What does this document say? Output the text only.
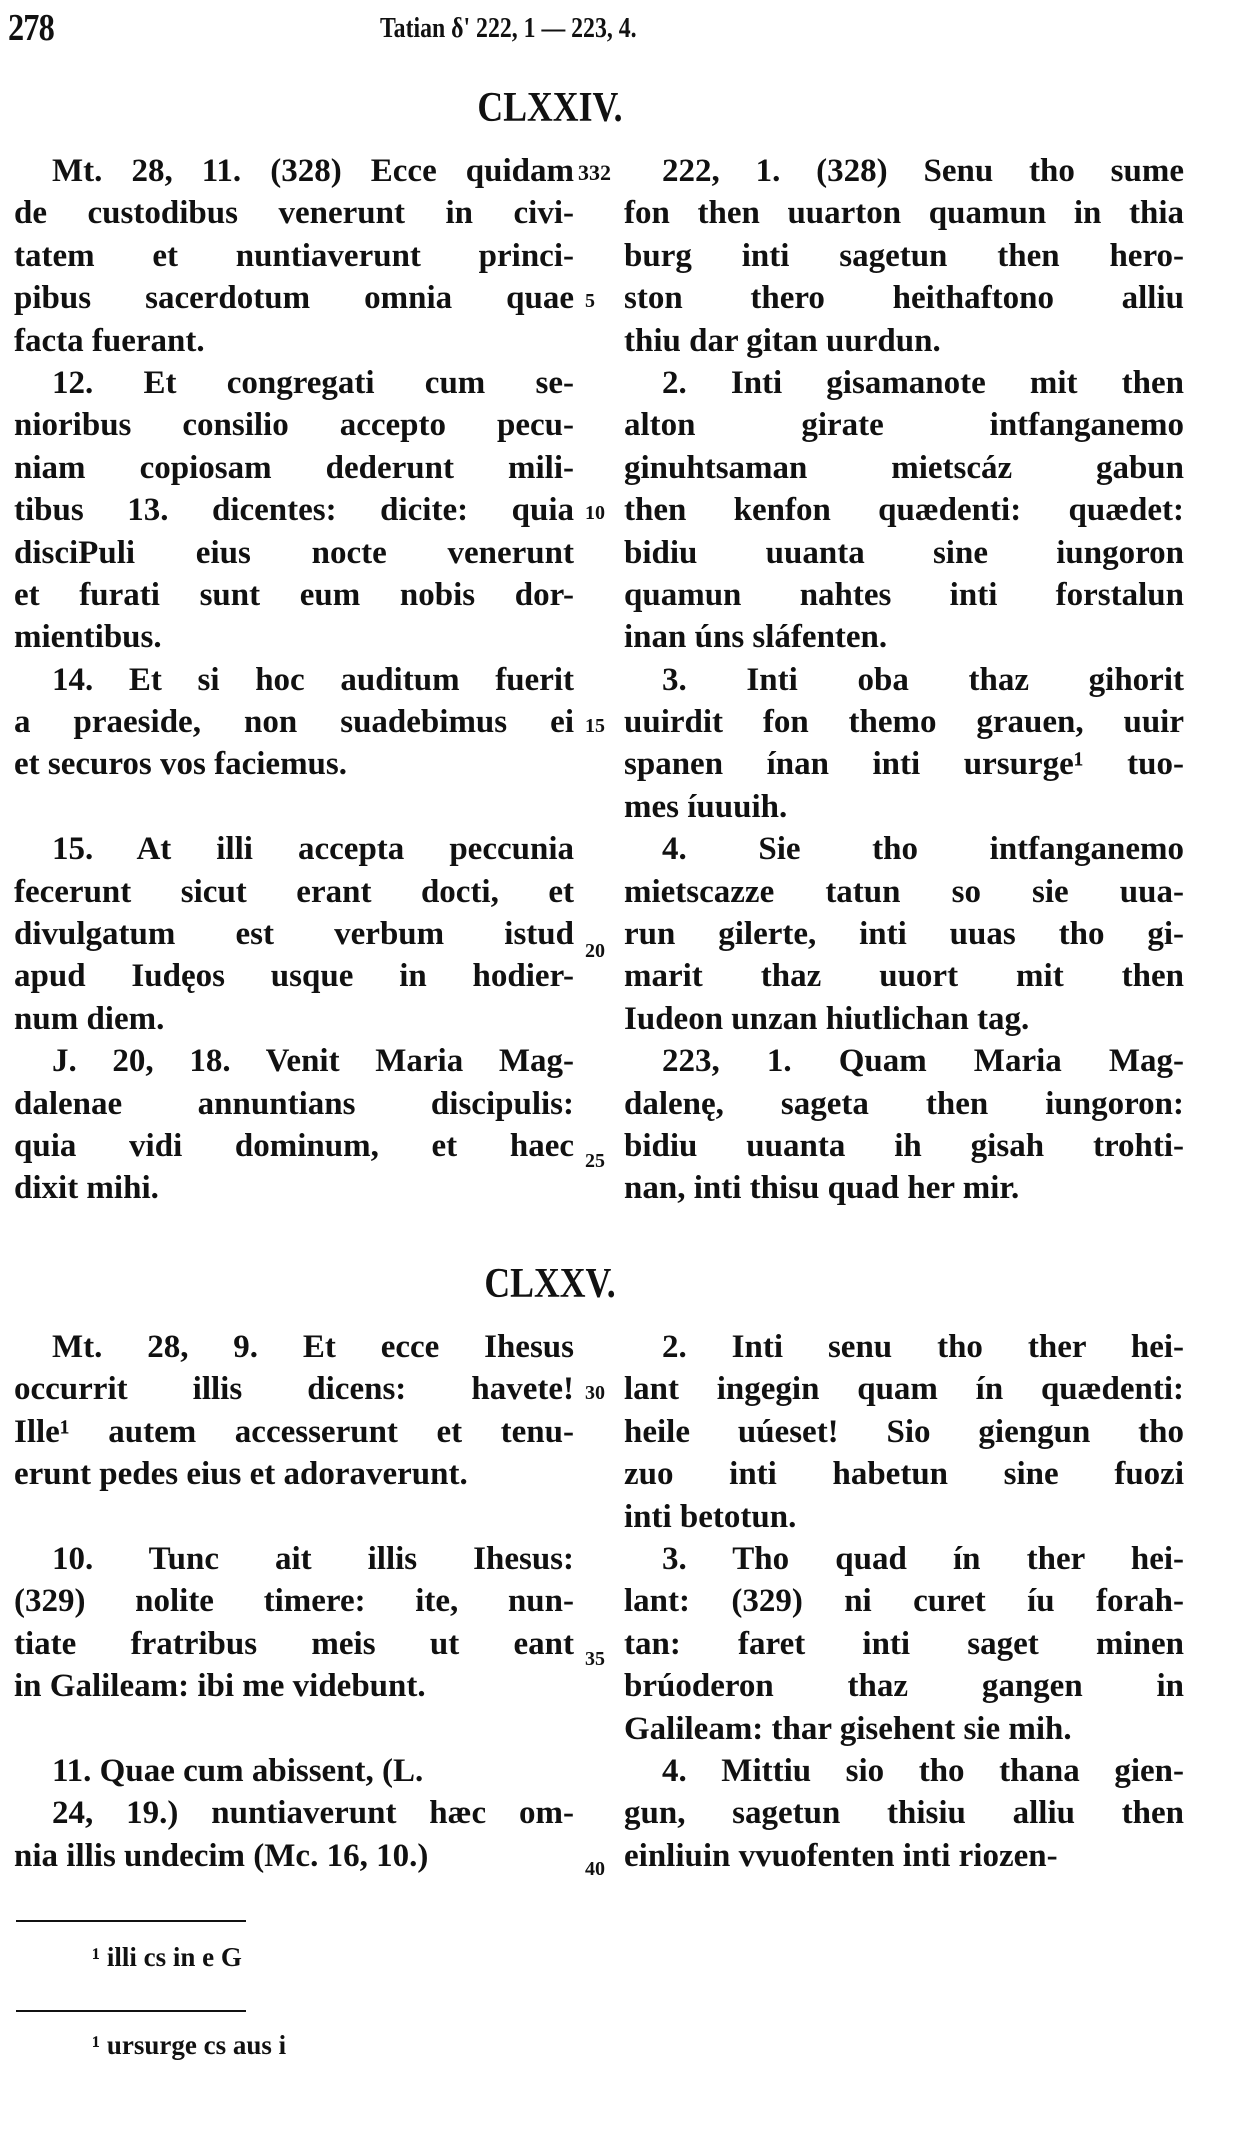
278	Tatian δ' 222, 1 — 223, 4.
CLXXIV.
Mt. 28, 11. (328) Ecce quidam
de custodibus venerunt in civi-
tatem et nuntiaverunt princi-
pibus sacerdotum omnia quae
facta fuerant.
12. Et congregati cum se-
nioribus consilio accepto pecu-
niam copiosam dederunt mili-
tibus 13. dicentes: dicite: quia
disciPuli eius nocte venerunt
et furati sunt eum nobis dor-
mientibus.
14. Et si hoc auditum fuerit
a praeside, non suadebimus ei
et securos vos faciemus.

15. At illi accepta peccunia
fecerunt sicut erant docti, et
divulgatum est verbum istud
apud Iudęos usque in hodier-
num diem.
J. 20, 18. Venit Maria Mag-
dalenae annuntians discipulis:
quia vidi dominum, et haec
dixit mihi.
222, 1. (328) Senu tho sume
fon then uuarton quamun in thia
burg inti sagetun then hero-
ston thero heithaftono alliu
thiu dar gitan uurdun.
2. Inti gisamanote mit then
alton girate intfanganemo
ginuhtsaman mietscáz gabun
then kenfon quædenti: quædet:
bidiu uuanta sine iungoron
quamun nahtes inti forstalun
inan úns sláfenten.
3. Inti oba thaz gihorit
uuirdit fon themo grauen, uuir
spanen ínan inti ursurge¹ tuo-
mes íuuuih.
4. Sie tho intfanganemo
mietscazze tatun so sie uua-
run gilerte, inti uuas tho gi-
marit thaz uuort mit then
Iudeon unzan hiutlichan tag.
223, 1. Quam Maria Mag-
dalenę, sageta then iungoron:
bidiu uuanta ih gisah trohti-
nan, inti thisu quad her mir.
CLXXV.
Mt. 28, 9. Et ecce Ihesus
occurrit illis dicens: havete!
Ille¹ autem accesserunt et tenu-
erunt pedes eius et adoraverunt.

10. Tunc ait illis Ihesus:
(329) nolite timere: ite, nun-
tiate fratribus meis ut eant
in Galileam: ibi me videbunt.

11. Quae cum abissent, (L.
24, 19.) nuntiaverunt hæc om-
nia illis undecim (Mc. 16, 10.)
2. Inti senu tho ther hei-
lant ingegin quam ín quædenti:
heile uúeset! Sio giengun tho
zuo inti habetun sine fuozi
inti betotun.
3. Tho quad ín ther hei-
lant: (329) ni curet íu forah-
tan: faret inti saget minen
brúoderon thaz gangen in
Galileam: thar gisehent sie mih.
4. Mittiu sio tho thana gien-
gun, sagetun thisiu alliu then
einliuin vvuofenten inti riozen-
332
5
10
15
20
25
30
35
40
¹ illi cs in e G
¹ ursurge cs aus i
